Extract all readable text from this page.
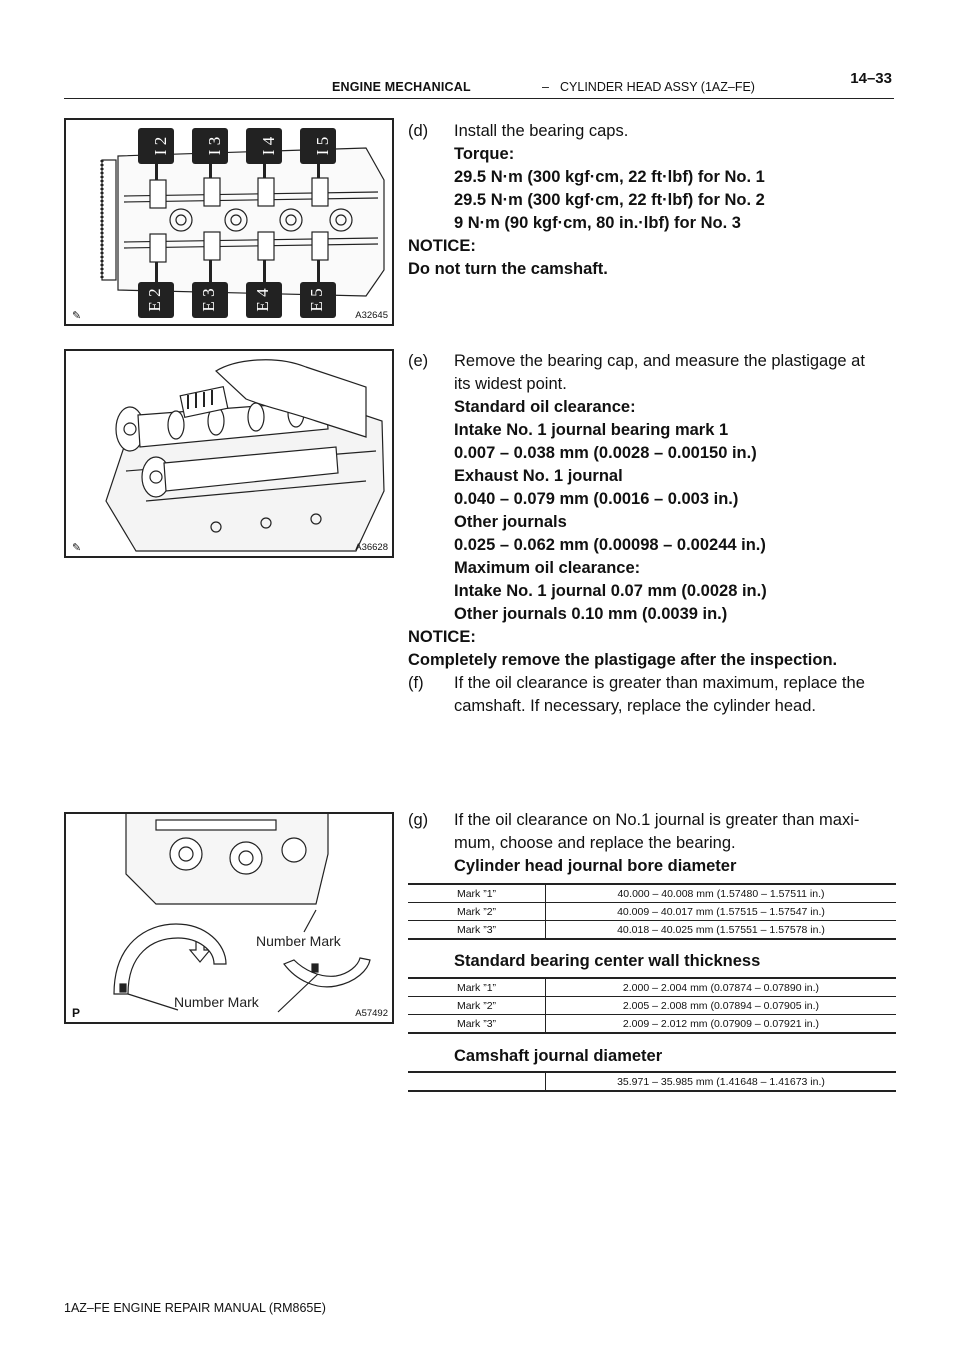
ENGINE MECHANICAL	– CYLINDER HEAD ASSY (1AZ–FE)	14–33
I 2 I 3 I 4 I 5
E 2 E 3 E 4 E 5
✎	A32645
✎	A36628
Number Mark
Number Mark
P	A57492
(d) Install the bearing caps.
Torque:
29.5 N·m (300 kgf·cm, 22 ft·lbf) for No. 1
29.5 N·m (300 kgf·cm, 22 ft·lbf) for No. 2
9 N·m (90 kgf·cm, 80 in.·lbf) for No. 3
NOTICE:
Do not turn the camshaft.
(e) Remove the bearing cap, and measure the plastigage at
its widest point.
Standard oil clearance:
Intake No. 1 journal bearing mark 1
0.007 – 0.038 mm (0.0028 – 0.00150 in.)
Exhaust No. 1 journal
0.040 – 0.079 mm (0.0016 – 0.003 in.)
Other journals
0.025 – 0.062 mm (0.00098 – 0.00244 in.)
Maximum oil clearance:
Intake No. 1 journal 0.07 mm (0.0028 in.)
Other journals 0.10 mm (0.0039 in.)
NOTICE:
Completely remove the plastigage after the inspection.
(f) If the oil clearance is greater than maximum, replace the
camshaft. If necessary, replace the cylinder head.
(g) If the oil clearance on No.1 journal is greater than maxi-
mum, choose and replace the bearing.
Cylinder head journal bore diameter
Mark ”1”	40.000 – 40.008 mm (1.57480 – 1.57511 in.)
Mark ”2”	40.009 – 40.017 mm (1.57515 – 1.57547 in.)
Mark ”3”	40.018 – 40.025 mm (1.57551 – 1.57578 in.)
Standard bearing center wall thickness
Mark ”1”	2.000 – 2.004 mm (0.07874 – 0.07890 in.)
Mark ”2”	2.005 – 2.008 mm (0.07894 – 0.07905 in.)
Mark ”3”	2.009 – 2.012 mm (0.07909 – 0.07921 in.)
Camshaft journal diameter
	35.971 – 35.985 mm (1.41648 – 1.41673 in.)
1AZ–FE ENGINE REPAIR MANUAL (RM865E)
